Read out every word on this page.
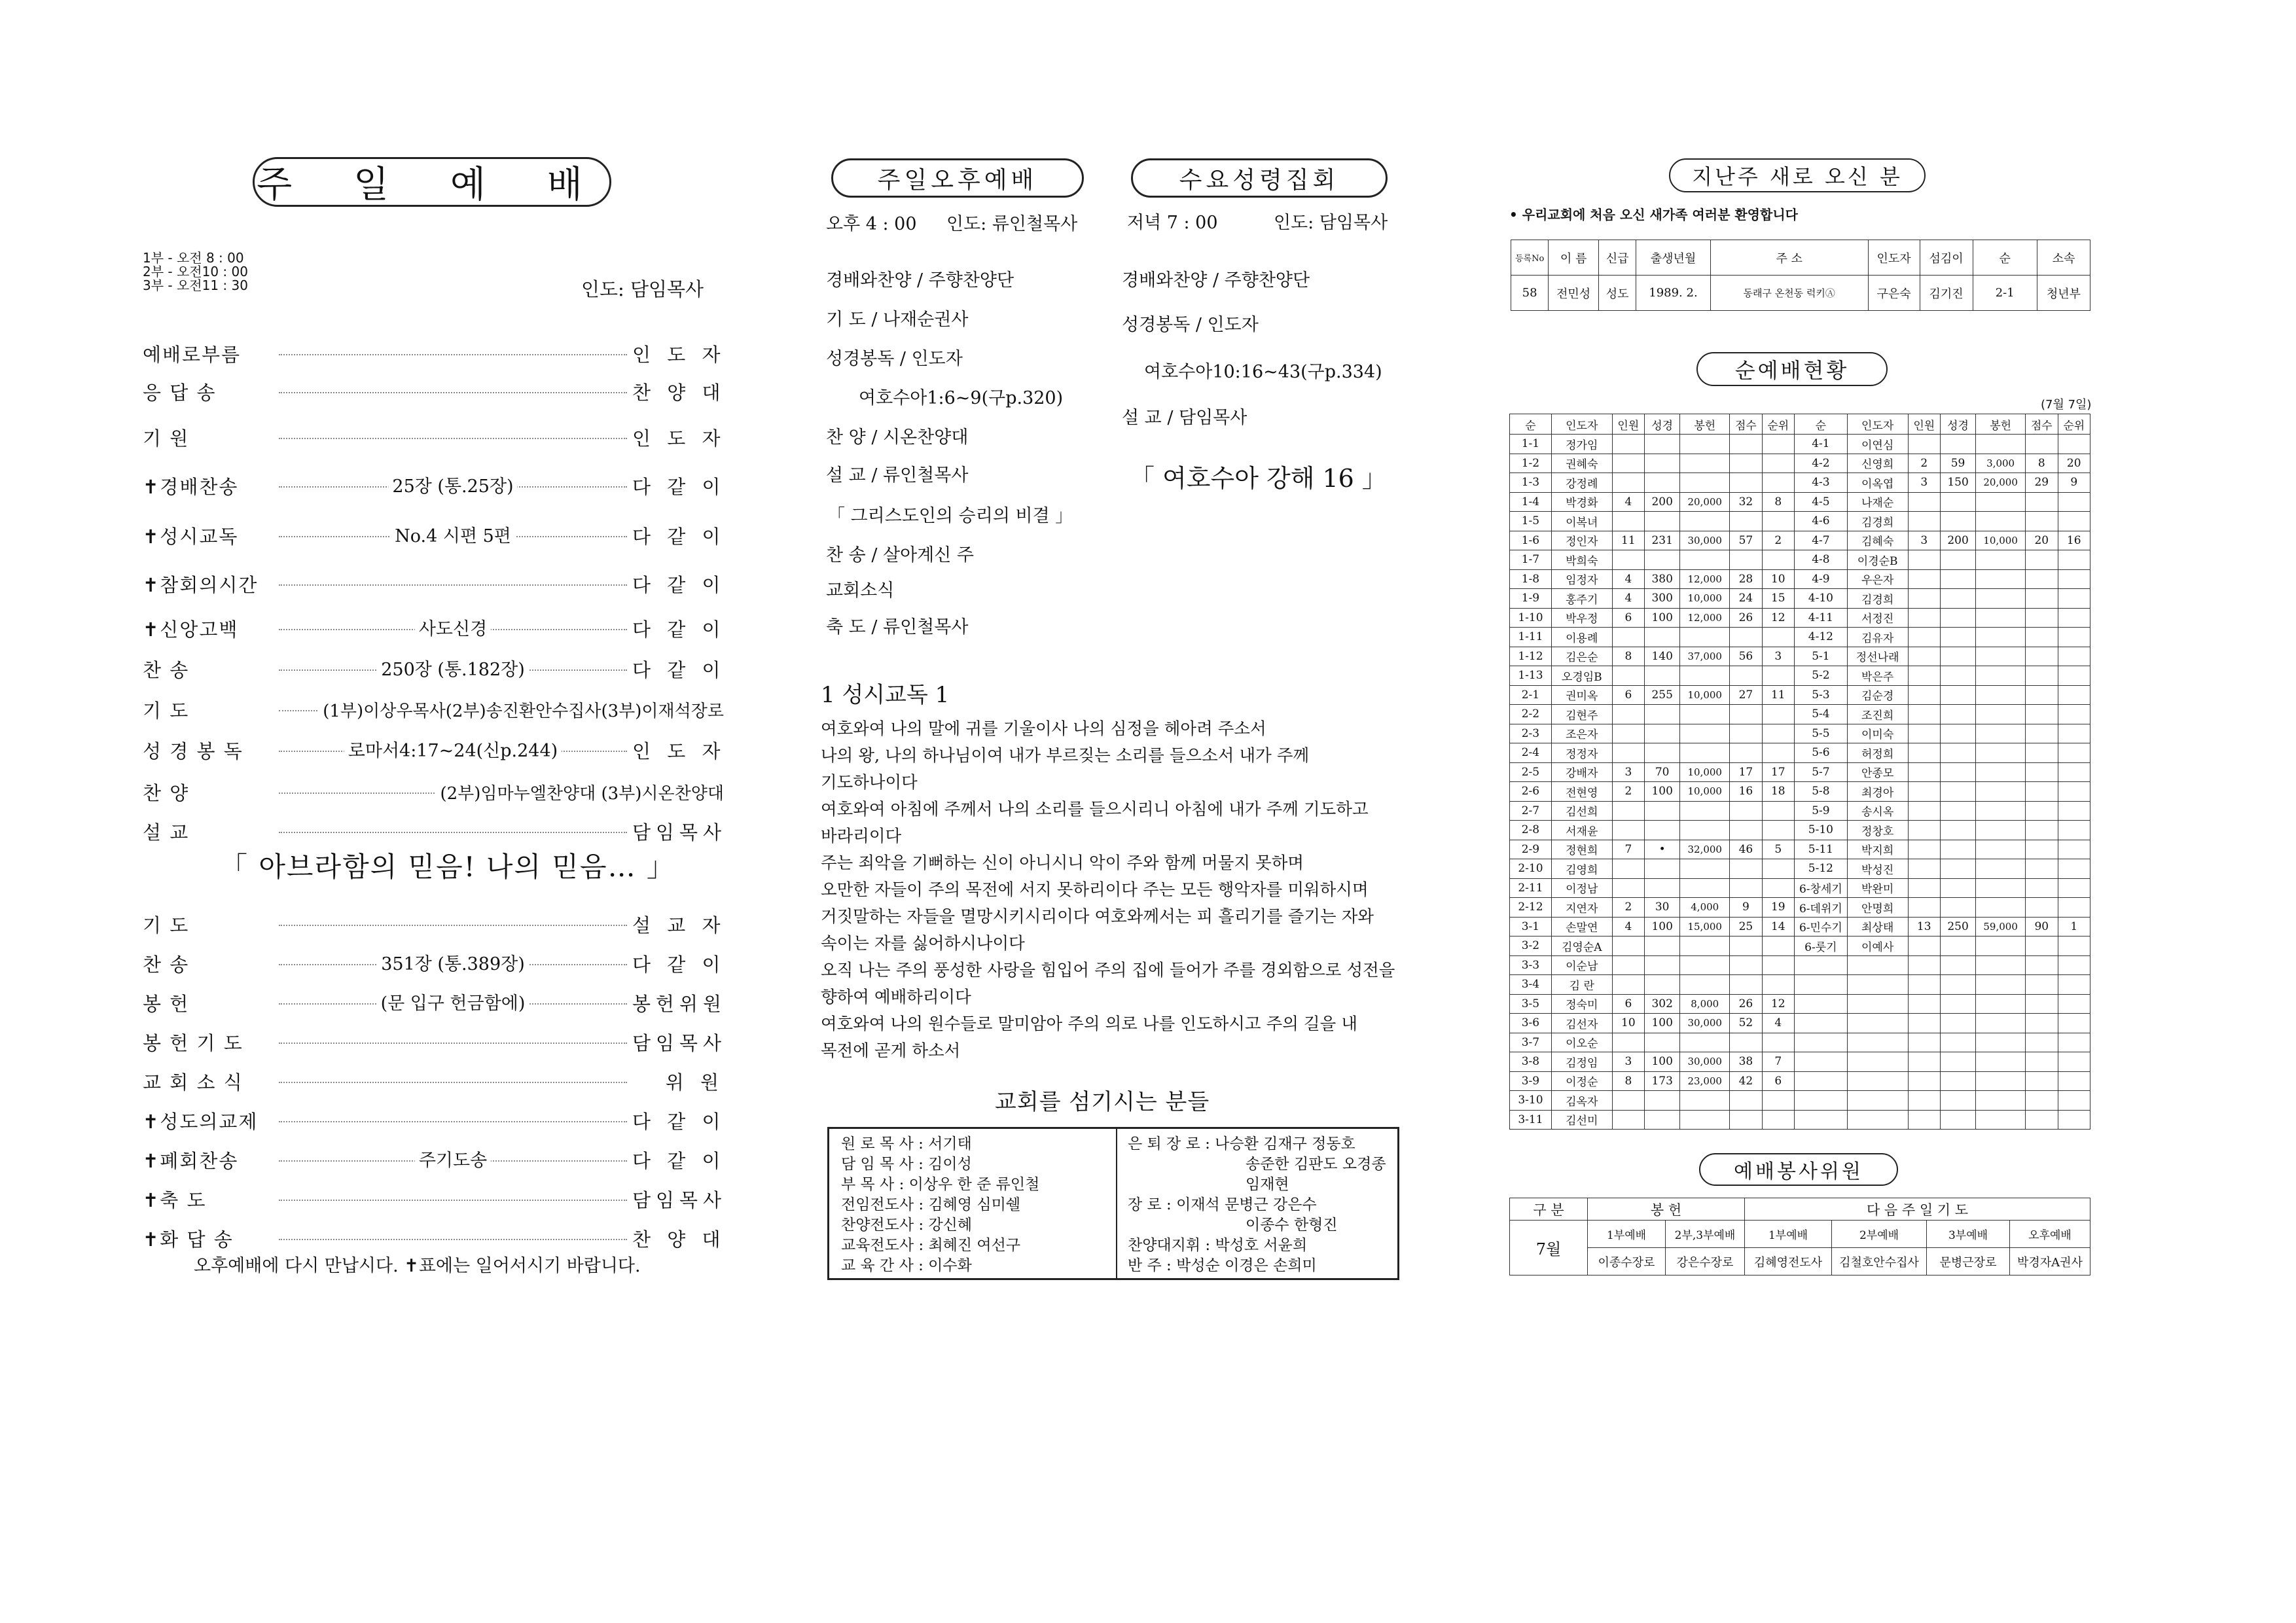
주 일 예 배
1부 - 오전 8 : 00
2부 - 오전10 : 00
3부 - 오전11 : 30	인도: 담임목사
예배로부름	인 도 자
응 답 송	찬 양 대
기 원	인 도 자
✝경배찬송	25장 (통.25장)	다 같 이
✝성시교독	No.4 시편 5편	다 같 이
✝참회의시간	다 같 이
✝신앙고백	사도신경	다 같 이
찬 송	250장 (통.182장)	다 같 이
기 도	(1부)이상우목사(2부)송진환안수집사(3부)이재석장로
성 경 봉 독	로마서4:17~24(신p.244)	인 도 자
찬 양	(2부)임마누엘찬양대 (3부)시온찬양대
설 교	담임목사
「 아브라함의 믿음! 나의 믿음… 」
기 도	설 교 자
찬 송	351장 (통.389장)	다 같 이
봉 헌	(문 입구 헌금함에)	봉헌위원
봉 헌 기 도	담임목사
교 회 소 식	위 원
✝성도의교제	다 같 이
✝폐회찬송	주기도송	다 같 이
✝축 도	담임목사
✝화 답 송	찬 양 대
오후예배에 다시 만납시다. ✝표에는 일어서시기 바랍니다.
주일오후예배	수요성령집회
오후 4 : 00 인도: 류인철목사	저녁 7 : 00	인도: 담임목사
경배와찬양 / 주향찬양단
기 도 / 나재순권사
성경봉독 / 인도자
여호수아1:6~9(구p.320)
찬 양 / 시온찬양대
설 교 / 류인철목사
「 그리스도인의 승리의 비결 」
찬 송 / 살아계신 주
교회소식
축 도 / 류인철목사
경배와찬양 / 주향찬양단
성경봉독 / 인도자
여호수아10:16~43(구p.334)
설 교 / 담임목사
「 여호수아 강해 16 」
1 성시교독 1
여호와여 나의 말에 귀를 기울이사 나의 심정을 헤아려 주소서
나의 왕, 나의 하나님이여 내가 부르짖는 소리를 들으소서 내가 주께
기도하나이다
여호와여 아침에 주께서 나의 소리를 들으시리니 아침에 내가 주께 기도하고
바라리이다
주는 죄악을 기뻐하는 신이 아니시니 악이 주와 함께 머물지 못하며
오만한 자들이 주의 목전에 서지 못하리이다 주는 모든 행악자를 미워하시며
거짓말하는 자들을 멸망시키시리이다 여호와께서는 피 흘리기를 즐기는 자와
속이는 자를 싫어하시나이다
오직 나는 주의 풍성한 사랑을 힘입어 주의 집에 들어가 주를 경외함으로 성전을
향하여 예배하리이다
여호와여 나의 원수들로 말미암아 주의 의로 나를 인도하시고 주의 길을 내
목전에 곧게 하소서
교회를 섬기시는 분들
원 로 목 사 : 서기태
담 임 목 사 : 김이성
부 목 사 : 이상우 한 준 류인철
전임전도사 : 김혜영 심미쉘
찬양전도사 : 강신혜
교육전도사 : 최혜진 여선구
교 육 간 사 : 이수화
은 퇴 장 로 : 나승환 김재구 정동호
송준한 김판도 오경종
임재현
장 로 : 이재석 문병근 강은수
이종수 한형진
찬양대지휘 : 박성호 서윤희
반 주 : 박성순 이경은 손희미
지난주 새로 오신 분
• 우리교회에 처음 오신 새가족 여러분 환영합니다
등록No	이 름	신급	출생년월	주 소	인도자	섬김이	순	소속
58	전민성	성도	1989. 2.	동래구 온천동 럭키Ⓐ	구은숙	김기진	2-1	청년부
순예배현황
(7월 7일)
순	인도자	인원	성경	봉헌	점수	순위	순	인도자	인원	성경	봉헌	점수	순위
1-1	정가임						4-1	이연심					
1-2	권혜숙						4-2	신영희	2	59	3,000	8	20
1-3	강정례						4-3	이옥엽	3	150	20,000	29	9
1-4	박경화	4	200	20,000	32	8	4-5	나재순					
1-5	이복녀						4-6	김경희					
1-6	정인자	11	231	30,000	57	2	4-7	김혜숙	3	200	10,000	20	16
1-7	박희숙						4-8	이경순B					
1-8	임정자	4	380	12,000	28	10	4-9	우은자					
1-9	홍주기	4	300	10,000	24	15	4-10	김경희					
1-10	박우정	6	100	12,000	26	12	4-11	서정진					
1-11	이용례						4-12	김유자					
1-12	김은순	8	140	37,000	56	3	5-1	정선나래					
1-13	오경임B						5-2	박은주					
2-1	권미옥	6	255	10,000	27	11	5-3	김순경					
2-2	김현주						5-4	조진희					
2-3	조은자						5-5	이미숙					
2-4	정정자						5-6	허정희					
2-5	강배자	3	70	10,000	17	17	5-7	안종모					
2-6	전현영	2	100	10,000	16	18	5-8	최경아					
2-7	김선희						5-9	송시옥					
2-8	서재윤						5-10	정창호					
2-9	정현희	7	•	32,000	46	5	5-11	박지희					
2-10	김영희						5-12	박성진					
2-11	이정남						6-창세기	박완미					
2-12	지연자	2	30	4,000	9	19	6-데위기	안명희					
3-1	손말연	4	100	15,000	25	14	6-민수기	최상태	13	250	59,000	90	1
3-2	김영순A						6-룻기	이예사					
3-3	이순남												
3-4	김 란												
3-5	정숙미	6	302	8,000	26	12							
3-6	김선자	10	100	30,000	52	4							
3-7	이오순												
3-8	김정임	3	100	30,000	38	7							
3-9	이정순	8	173	23,000	42	6							
3-10	김옥자												
3-11	김선미												
예배봉사위원
구 분	봉 헌		다 음 주 일 기 도			
7월	1부예배	2부,3부예배	1부예배	2부예배	3부예배	오후예배
	이종수장로	강은수장로	김혜영전도사	김철호안수집사	문병근장로	박경자A권사
